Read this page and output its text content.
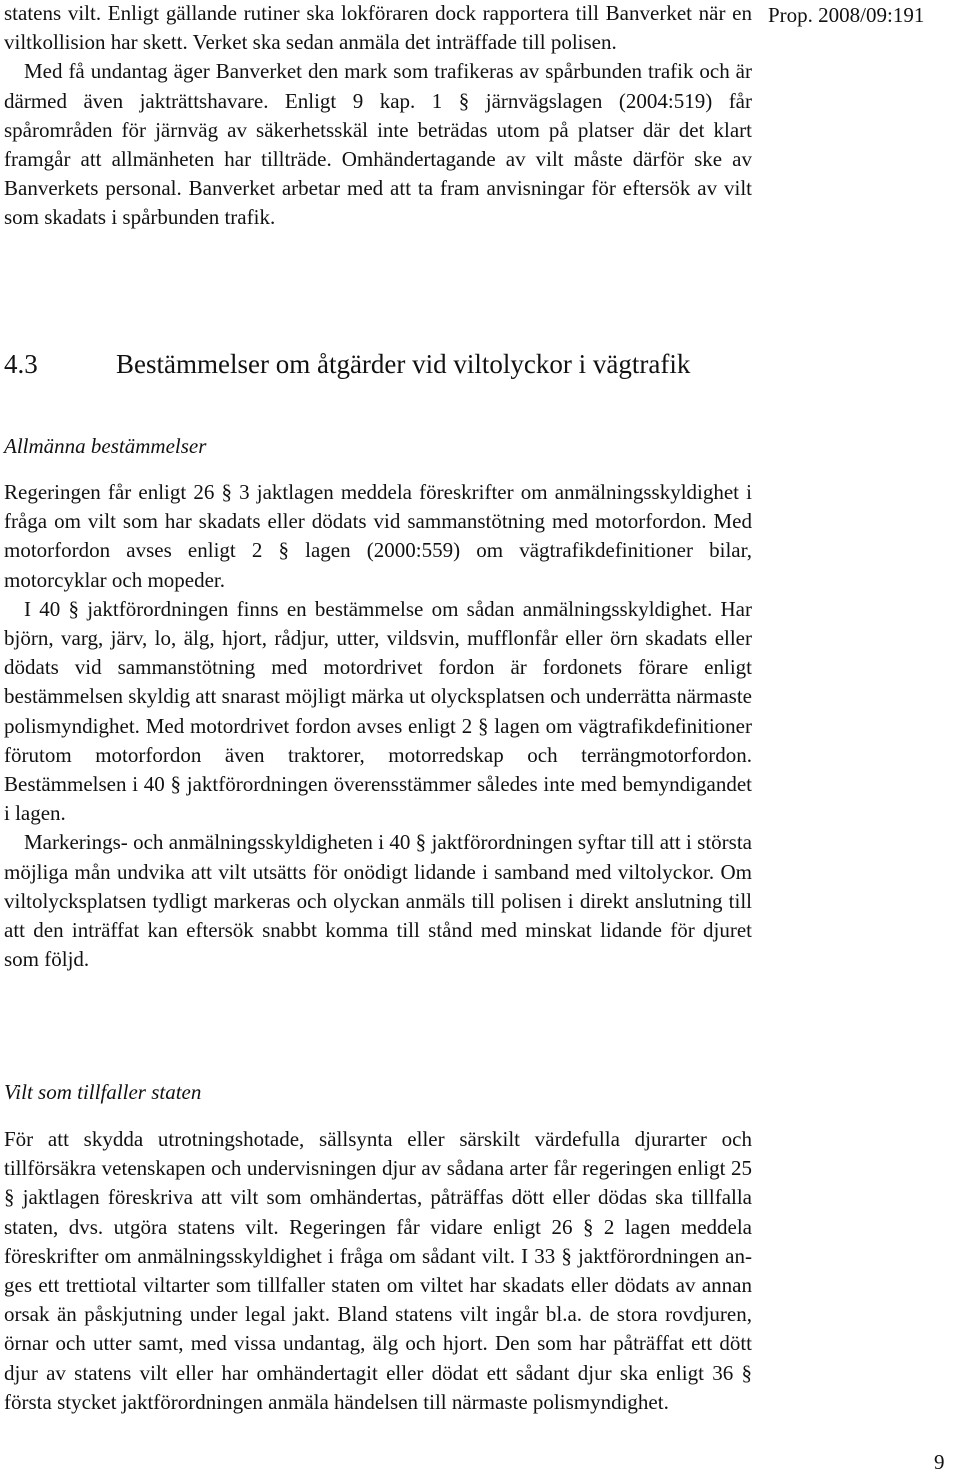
Prop. 2008/09:191

statens vilt. Enligt gällande rutiner ska lokföraren dock rapportera till Banverket när en viltkollision har skett. Verket ska sedan anmäla det inträffade till polisen.

Med få undantag äger Banverket den mark som trafikeras av spårbunden trafik och är därmed även jakträttshavare. Enligt 9 kap. 1 § järnvägslagen (2004:519) får spårområden för järnväg av säkerhetsskäl inte beträdas utom på platser där det klart framgår att allmänheten har tillträde. Omhändertagande av vilt måste därför ske av Banverkets personal. Banverket arbetar med att ta fram anvisningar för eftersök av vilt som skadats i spårbunden trafik.

4.3	Bestämmelser om åtgärder vid viltolyckor i vägtrafik
Allmänna bestämmelser

Regeringen får enligt 26 § 3 jaktlagen meddela föreskrifter om anmälningsskyldighet i fråga om vilt som har skadats eller dödats vid sammanstötning med motorfordon. Med motorfordon avses enligt 2 § lagen (2000:559) om vägtrafikdefinitioner bilar, motorcyklar och mopeder.

I 40 § jaktförordningen finns en bestämmelse om sådan anmälningsskyldighet. Har björn, varg, järv, lo, älg, hjort, rådjur, utter, vildsvin, mufflonfår eller örn skadats eller dödats vid sammanstötning med motordrivet fordon är fordonets förare enligt bestämmelsen skyldig att snarast möjligt märka ut olycksplatsen och underrätta närmaste polismyndighet. Med motordrivet fordon avses enligt 2 § lagen om vägtrafikdefinitioner förutom motorfordon även traktorer, motorredskap och terrängmotorfordon. Bestämmelsen i 40 § jaktförordningen överensstämmer således inte med bemyndigandet i lagen.

Markerings- och anmälningsskyldigheten i 40 § jaktförordningen syftar till att i största möjliga mån undvika att vilt utsätts för onödigt lidande i samband med viltolyckor. Om viltolycksplatsen tydligt markeras och olyckan anmäls till polisen i direkt anslutning till att den inträffat kan eftersök snabbt komma till stånd med minskat lidande för djuret som följd.

Vilt som tillfaller staten

För att skydda utrotningshotade, sällsynta eller särskilt värdefulla djurarter och tillförsäkra vetenskapen och undervisningen djur av sådana arter får regeringen enligt 25 § jaktlagen föreskriva att vilt som omhändertas, påträffas dött eller dödas ska tillfalla staten, dvs. utgöra statens vilt. Regeringen får vidare enligt 26 § 2 lagen meddela föreskrifter om anmälningsskyldighet i fråga om sådant vilt. I 33 § jaktförordningen anges ett trettiotal viltarter som tillfaller staten om viltet har skadats eller dödats av annan orsak än påskjutning under legal jakt. Bland statens vilt ingår bl.a. de stora rovdjuren, örnar och utter samt, med vissa undantag, älg och hjort. Den som har påträffat ett dött djur av statens vilt eller har omhändertagit eller dödat ett sådant djur ska enligt 36 § första stycket jaktförordningen anmäla händelsen till närmaste polismyndighet.

9
